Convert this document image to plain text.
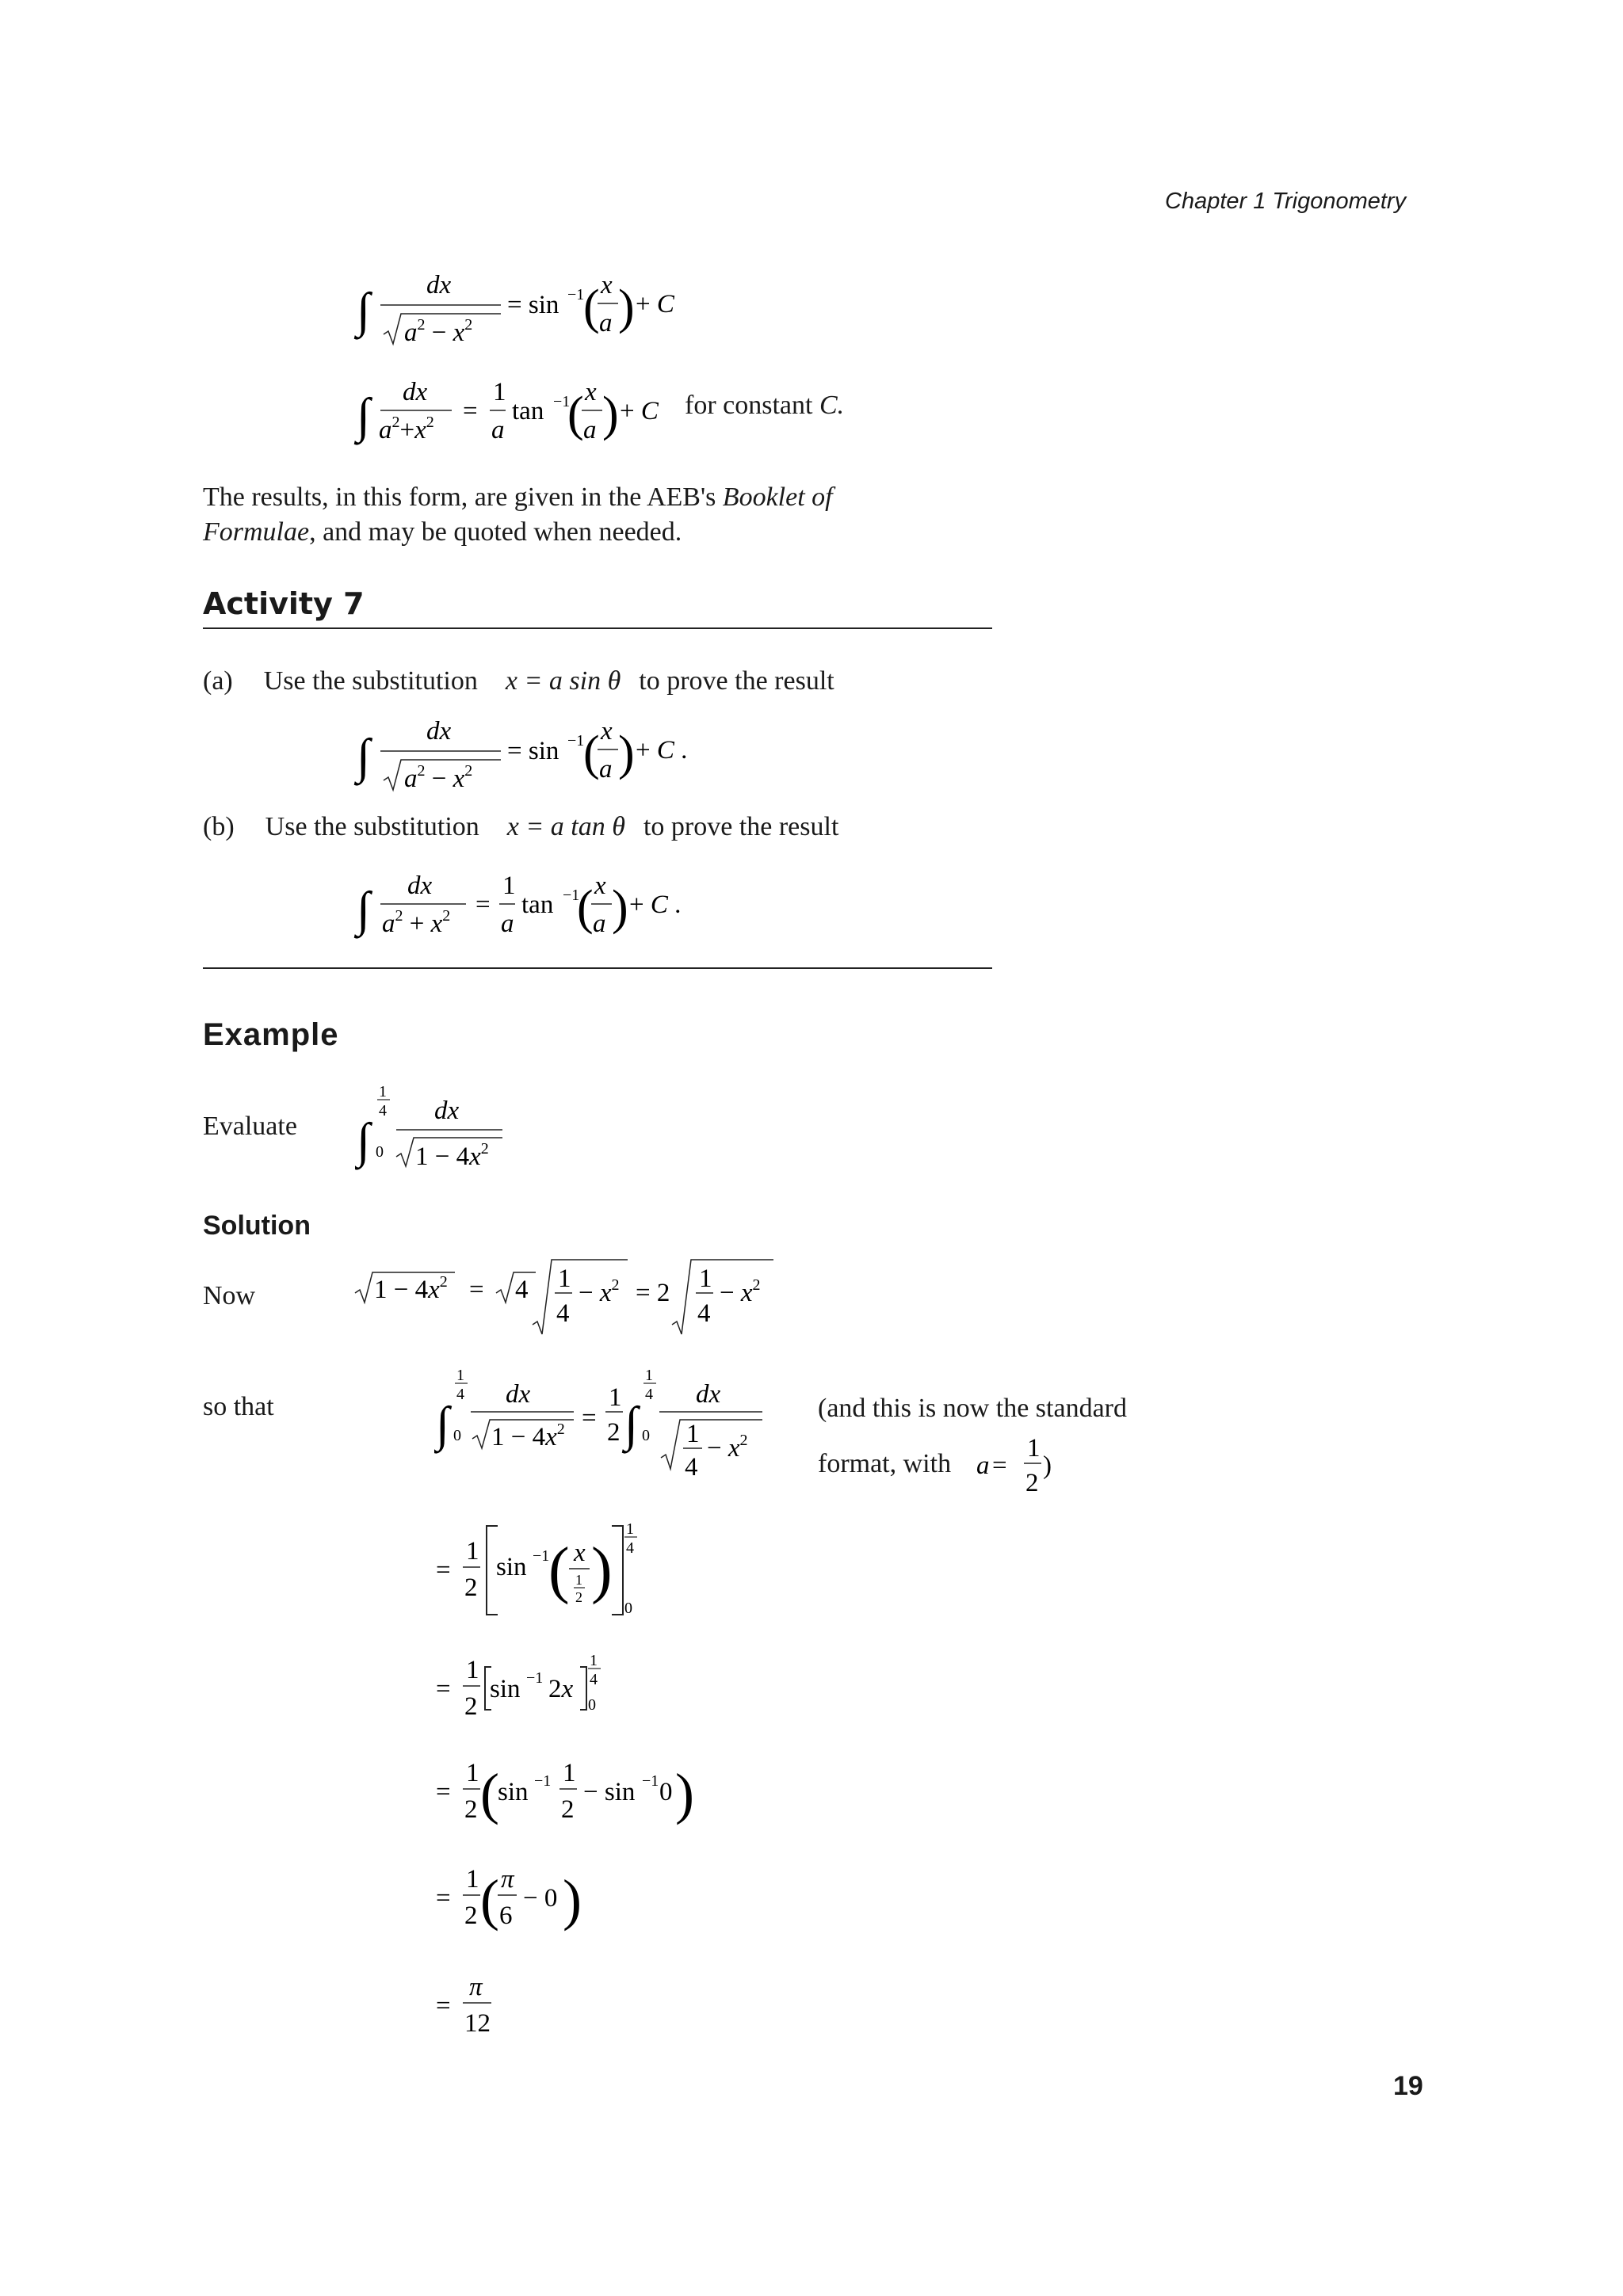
Chapter 1 Trigonometry
∫ dx
$a^2 - x^2$
= sin −1
( x
a ) + C
∫ dx
$a^2+x^2$ =
1
a
tan −1
( x
a ) + C for constant C.
The results, in this form, are given in the AEB's Booklet of
Formulae, and may be quoted when needed.
Activity 7
(a) Use the substitution x = a sin θ to prove the result
∫ dx
$a^2 - x^2$
= sin −1
( x
a ) + C .
(b) Use the substitution x = a tan θ to prove the result
∫ dx
$a^2 + x^2$ =
1
a
tan −1
( x
a ) + C .
Example
Evaluate ∫
1
4
0
dx
$1 - 4x^2$
Solution
Now	$1 - 4x^2 = 4$ 1
4
− $x^2 = 2$ 1
4
− $x^2$
so that	∫
1
4
0
dx
$1 - 4x^2$ =
1
2 ∫
1
4
0
dx
1
4
− $x^2$
(and this is now the standard
format, with a =
1
2
)
=
1
2
sin −1
( x
1
2 )
1
4
0
=
1
2
sin −1 2x
1
4
0
=
1
2 (
sin −1 1
2
− sin −1 0 )
=
1
2 ( π
6
− 0 )
=
π
12
19
